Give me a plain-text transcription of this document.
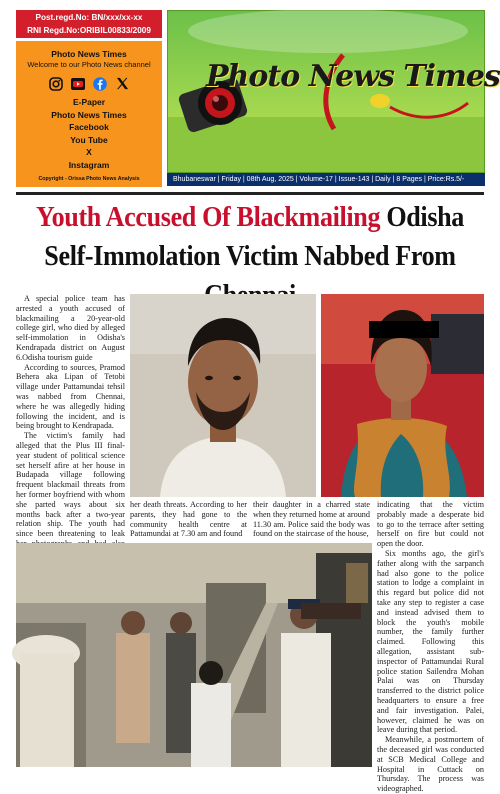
Post.regd.No: BN/xxx/xx-xx
RNI Regd.No:ORIBIL00833/2009
Photo News Times
Welcome to our Photo News channel
E-Paper
Photo News Times
Facebook
You Tube
X
Instagram
Copyright - Orissa Photo News Analysis
Photo News Times
Bhubaneswar | Friday | 08th Aug, 2025 | Volume-17 | Issue-143 | Daily | 8 Pages | Price:Rs.5/-
Youth Accused Of Blackmailing Odisha
Self-Immolation Victim Nabbed From

A special police team has arrested a youth accused of blackmailing a 20-year-old college girl, who died by alleged self-immolation in Odisha's Kendrapada district on August 6.Odisha tourism guide

According to sources, Pramod Behera aka Lipan of Tetobi village under Pattamundai tehsil was nabbed from Chennai, where he was allegedly hiding following the incident, and is being brought to Kendrapada.

The victim's family had alleged that the Plus III final-year student of political science set herself afire at her house in Budapada village following frequent blackmail threats from her former boyfriend with whom she parted ways about six months back after a two-year relation ship. The youth had since been threatening to leak

her death threats. According to her parents, they had gone to the community health centre at Pattamundai at 7.30 am and found

their daughter in a charred state when they returned home at around 11.30 am. Police said the body was found on the staircase of the house,

indicating that the victim probably made a desperate bid to go to the terrace after setting herself on fire but could not open the door.

Six months ago, the girl's father along with the sarpanch had also gone to the police station to lodge a complaint in this regard but police did not take any step to register a case and instead advised them to block the youth's mobile number, the family further claimed. Following this allegation, assistant sub-inspector of Pattamundai Rural police station Sailendra Mohan Palai was on Thursday transferred to the district police headquarters to ensure a free and fair investigation. Palei, however, claimed he was on leave during that period.

Meanwhile, a postmortem of the deceased girl was conducted at SCB Medical College and Hospital in Cuttack on Thursday. The process was videographed.
